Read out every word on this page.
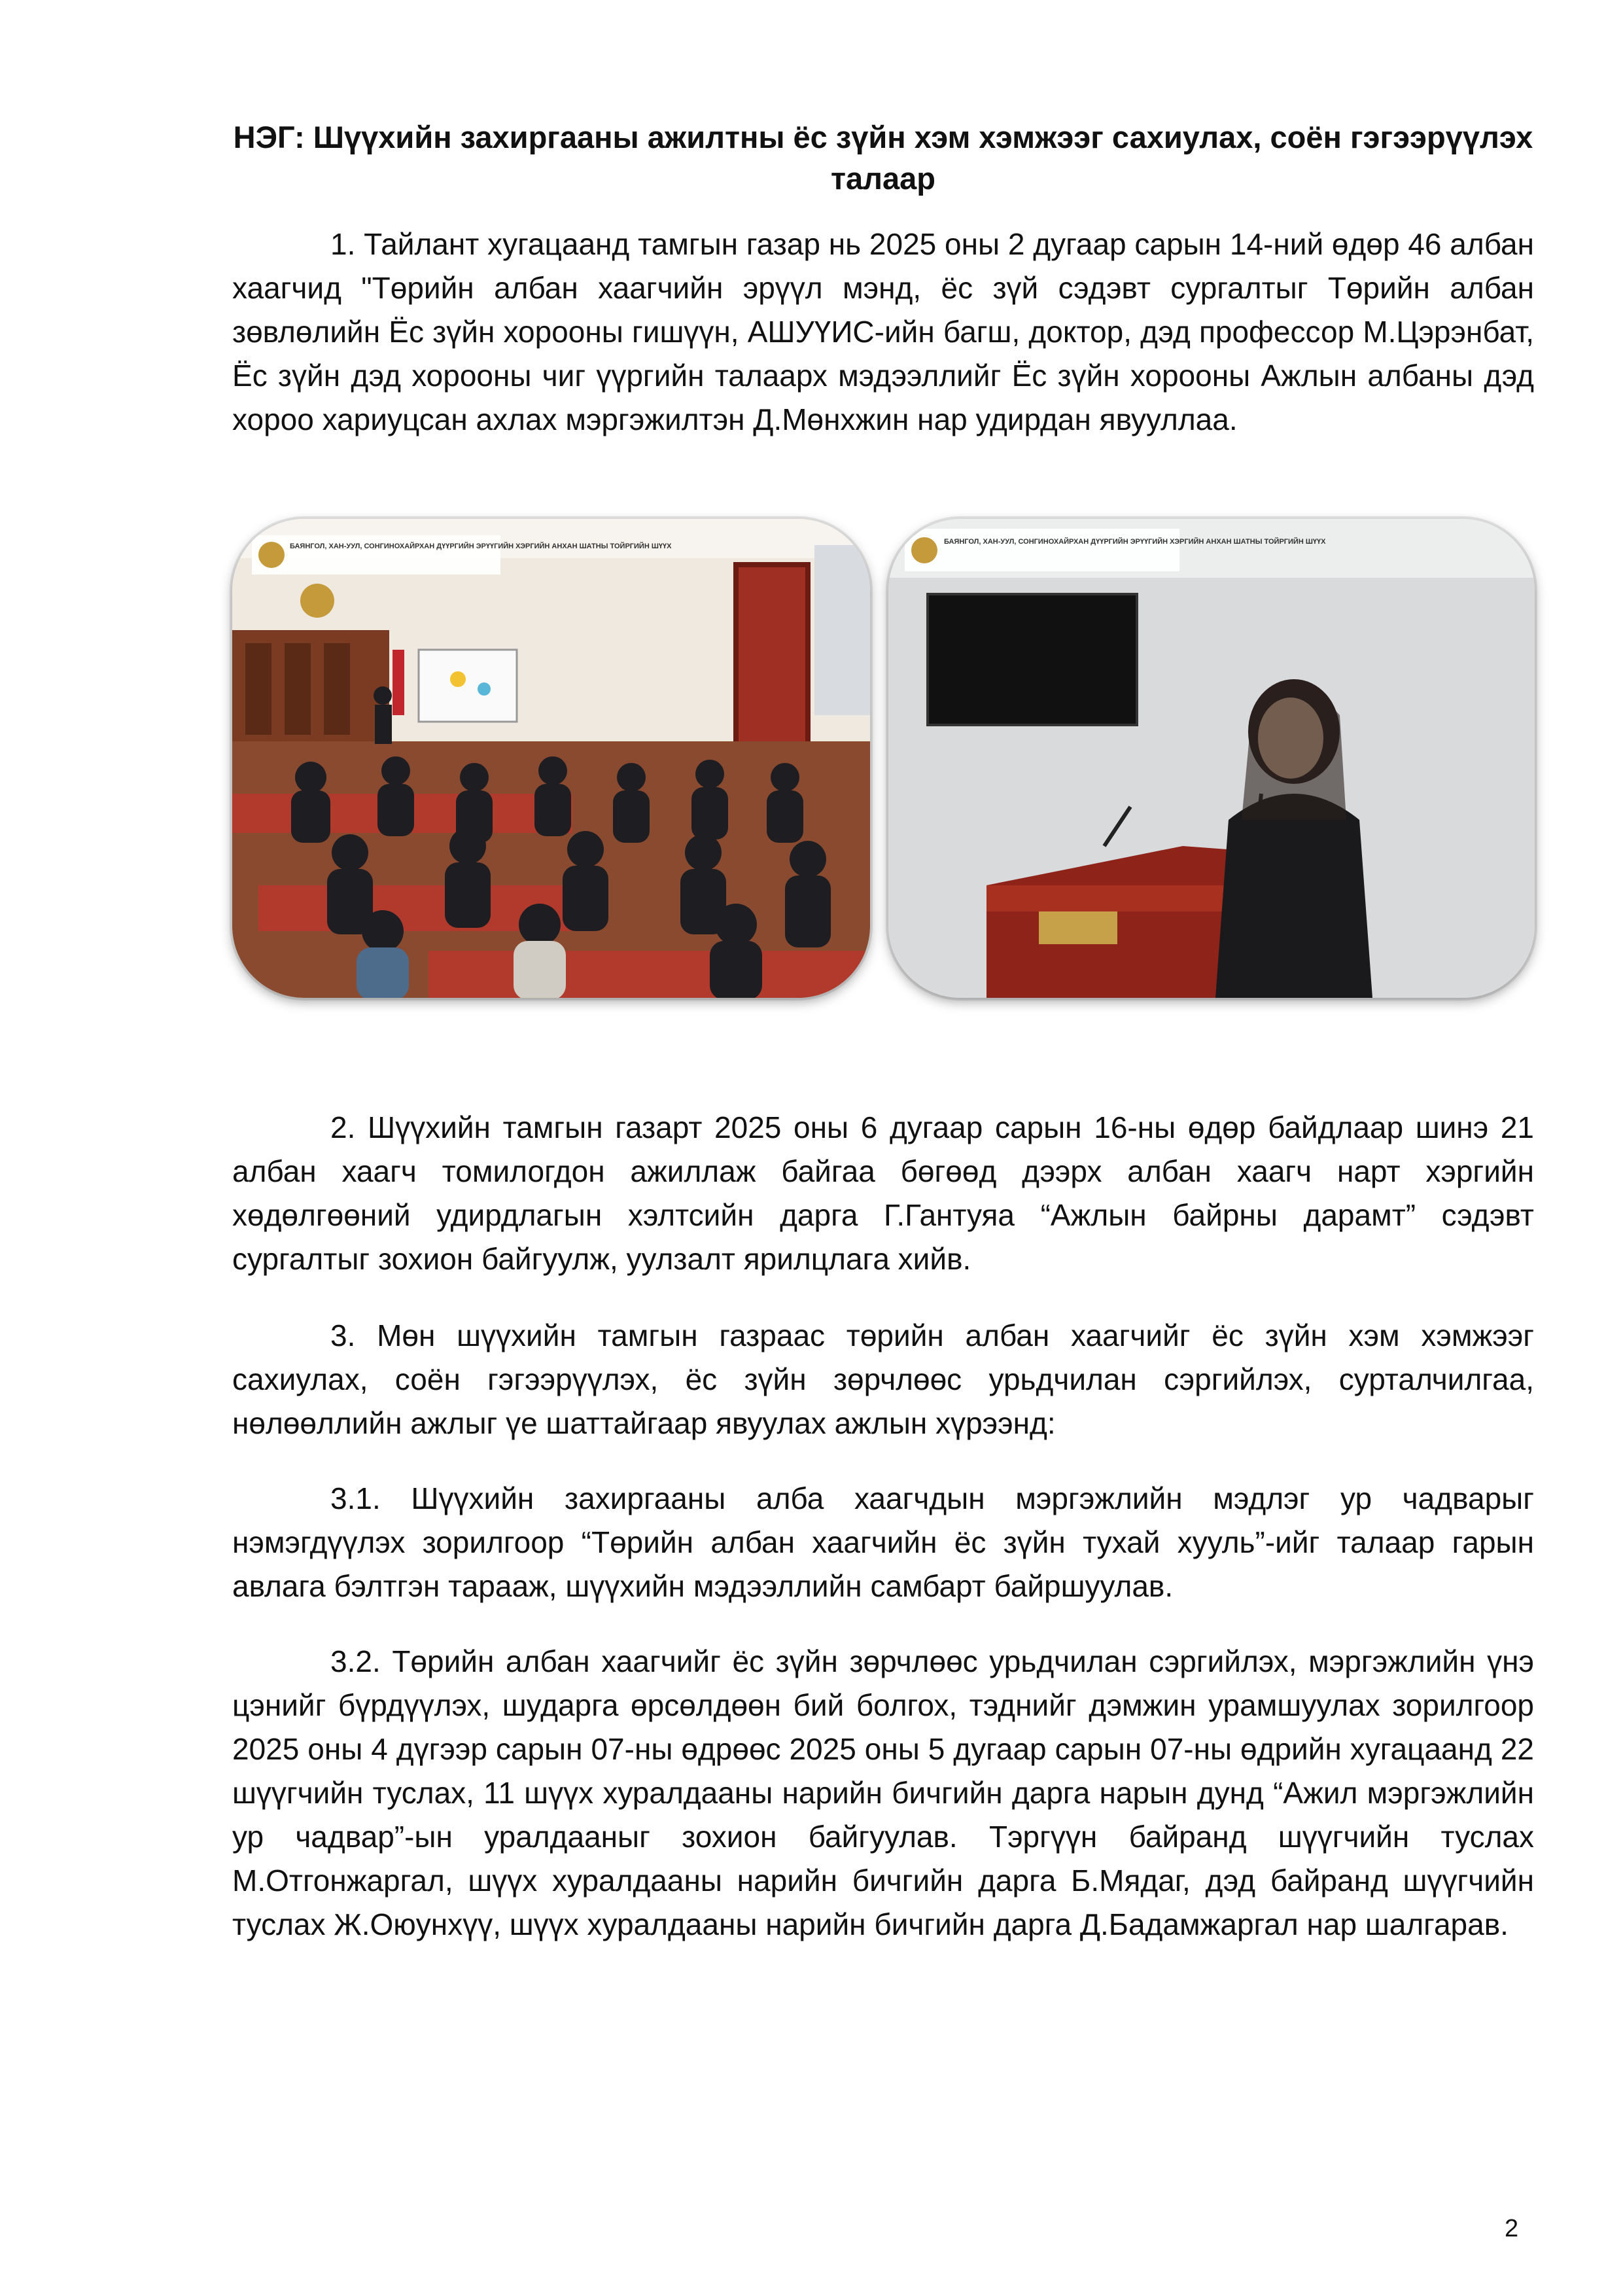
НЭГ: Шүүхийн захиргааны ажилтны ёс зүйн хэм хэмжээг сахиулах, соён гэгээрүүлэх талаар
1. Тайлант хугацаанд тамгын газар нь 2025 оны 2 дугаар сарын 14-ний өдөр 46 албан хаагчид "Төрийн албан хаагчийн эрүүл мэнд, ёс зүй сэдэвт сургалтыг Төрийн албан зөвлөлийн Ёс зүйн хорооны гишүүн, АШУҮИС-ийн багш, доктор, дэд профессор М.Цэрэнбат, Ёс зүйн дэд хорооны чиг үүргийн талаарх мэдээллийг Ёс зүйн хорооны Ажлын албаны дэд хороо хариуцсан ахлах мэргэжилтэн Д.Мөнхжин нар удирдан явууллаа.
БАЯНГОЛ, ХАН-УУЛ, СОНГИНОХАЙРХАН ДҮҮРГИЙН ЭРҮҮГИЙН ХЭРГИЙН АНХАН ШАТНЫ ТОЙРГИЙН ШҮҮХ
БАЯНГОЛ, ХАН-УУЛ, СОНГИНОХАЙРХАН ДҮҮРГИЙН ЭРҮҮГИЙН ХЭРГИЙН АНХАН ШАТНЫ ТОЙРГИЙН ШҮҮХ
2. Шүүхийн тамгын газарт 2025 оны 6 дугаар сарын 16-ны өдөр байдлаар шинэ 21 албан хаагч томилогдон ажиллаж байгаа бөгөөд дээрх албан хаагч нарт хэргийн хөдөлгөөний удирдлагын хэлтсийн дарга Г.Гантуяа “Ажлын байрны дарамт” сэдэвт сургалтыг зохион байгуулж, уулзалт ярилцлага хийв.
3. Мөн шүүхийн тамгын газраас төрийн албан хаагчийг ёс зүйн хэм хэмжээг сахиулах, соён гэгээрүүлэх, ёс зүйн зөрчлөөс урьдчилан сэргийлэх, сурталчилгаа, нөлөөллийн ажлыг үе шаттайгаар явуулах ажлын хүрээнд:
3.1. Шүүхийн захиргааны алба хаагчдын мэргэжлийн мэдлэг ур чадварыг нэмэгдүүлэх зорилгоор “Төрийн албан хаагчийн ёс зүйн тухай хууль”-ийг талаар гарын авлага бэлтгэн тараaж, шүүхийн мэдээллийн самбарт байршуулав.
3.2. Төрийн албан хаагчийг ёс зүйн зөрчлөөс урьдчилан сэргийлэх, мэргэжлийн үнэ цэнийг бүрдүүлэх, шударга өрсөлдөөн бий болгох, тэднийг дэмжин урамшуулах зорилгоор 2025 оны 4 дүгээр сарын 07-ны өдрөөс 2025 оны 5 дугаар сарын 07-ны өдрийн хугацаанд 22 шүүгчийн туслах, 11 шүүх хуралдааны нарийн бичгийн дарга нарын дунд “Ажил мэргэжлийн ур чадвар”-ын уралдааныг зохион байгуулав. Тэргүүн байранд шүүгчийн туслах М.Отгонжаргал, шүүх хуралдааны нарийн бичгийн дарга Б.Мядаг, дэд байранд шүүгчийн туслах Ж.Оюунхүү, шүүх хуралдааны нарийн бичгийн дарга Д.Бадамжаргал нар шалгарав.
2
